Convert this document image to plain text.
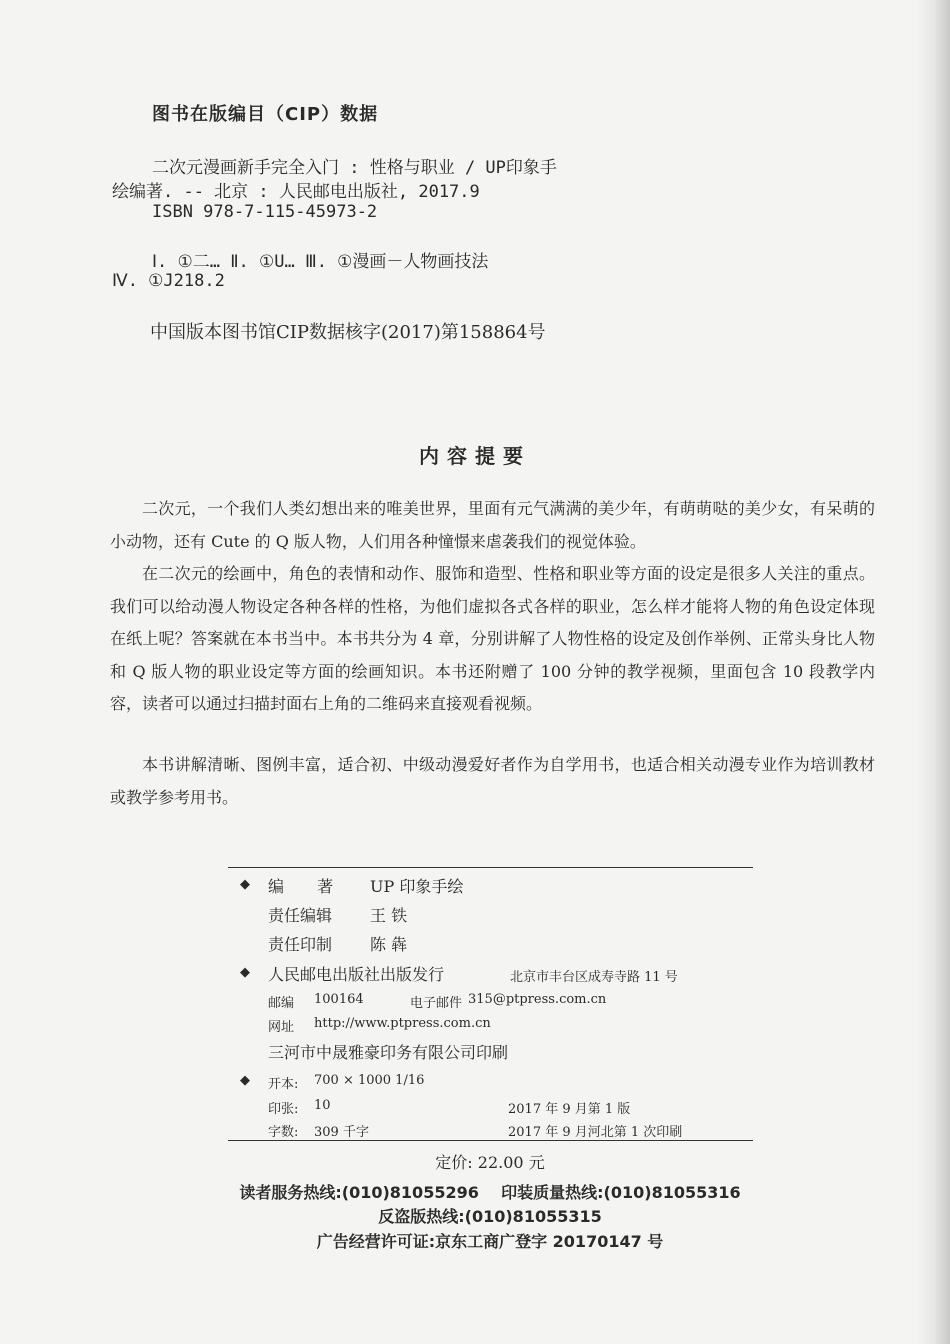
图书在版编目（CIP）数据
二次元漫画新手完全入门 : 性格与职业 / UP印象手
绘编著. -- 北京 : 人民邮电出版社, 2017.9
ISBN 978-7-115-45973-2
Ⅰ. ①二… Ⅱ. ①U… Ⅲ. ①漫画－人物画技法
Ⅳ. ①J218.2
中国版本图书馆CIP数据核字(2017)第158864号
内容提要

二次元，一个我们人类幻想出来的唯美世界，里面有元气满满的美少年，有萌萌哒的美少女，有呆萌的小动物，还有 Cute 的 Q 版人物，人们用各种憧憬来虐袭我们的视觉体验。

在二次元的绘画中，角色的表情和动作、服饰和造型、性格和职业等方面的设定是很多人关注的重点。我们可以给动漫人物设定各种各样的性格，为他们虚拟各式各样的职业，怎么样才能将人物的角色设定体现在纸上呢？答案就在本书当中。本书共分为 4 章，分别讲解了人物性格的设定及创作举例、正常头身比人物和 Q 版人物的职业设定等方面的绘画知识。本书还附赠了 100 分钟的教学视频，里面包含 10 段教学内容，读者可以通过扫描封面右上角的二维码来直接观看视频。

本书讲解清晰、图例丰富，适合初、中级动漫爱好者作为自学用书，也适合相关动漫专业作为培训教材或教学参考用书。

◆ 编 著 UP 印象手绘
责任编辑 王 铁
责任印制 陈 犇
◆ 人民邮电出版社出版发行	北京市丰台区成寿寺路 11 号
邮编 100164	电子邮件 315@ptpress.com.cn
网址 http://www.ptpress.com.cn
三河市中晟雅豪印务有限公司印刷
◆ 开本: 700 × 1000 1/16
印张: 10	2017 年 9 月第 1 版
字数: 309 千字	2017 年 9 月河北第 1 次印刷
定价: 22.00 元
读者服务热线:(010)81055296 印装质量热线:(010)81055316
反盗版热线:(010)81055315
广告经营许可证:京东工商广登字 20170147 号
